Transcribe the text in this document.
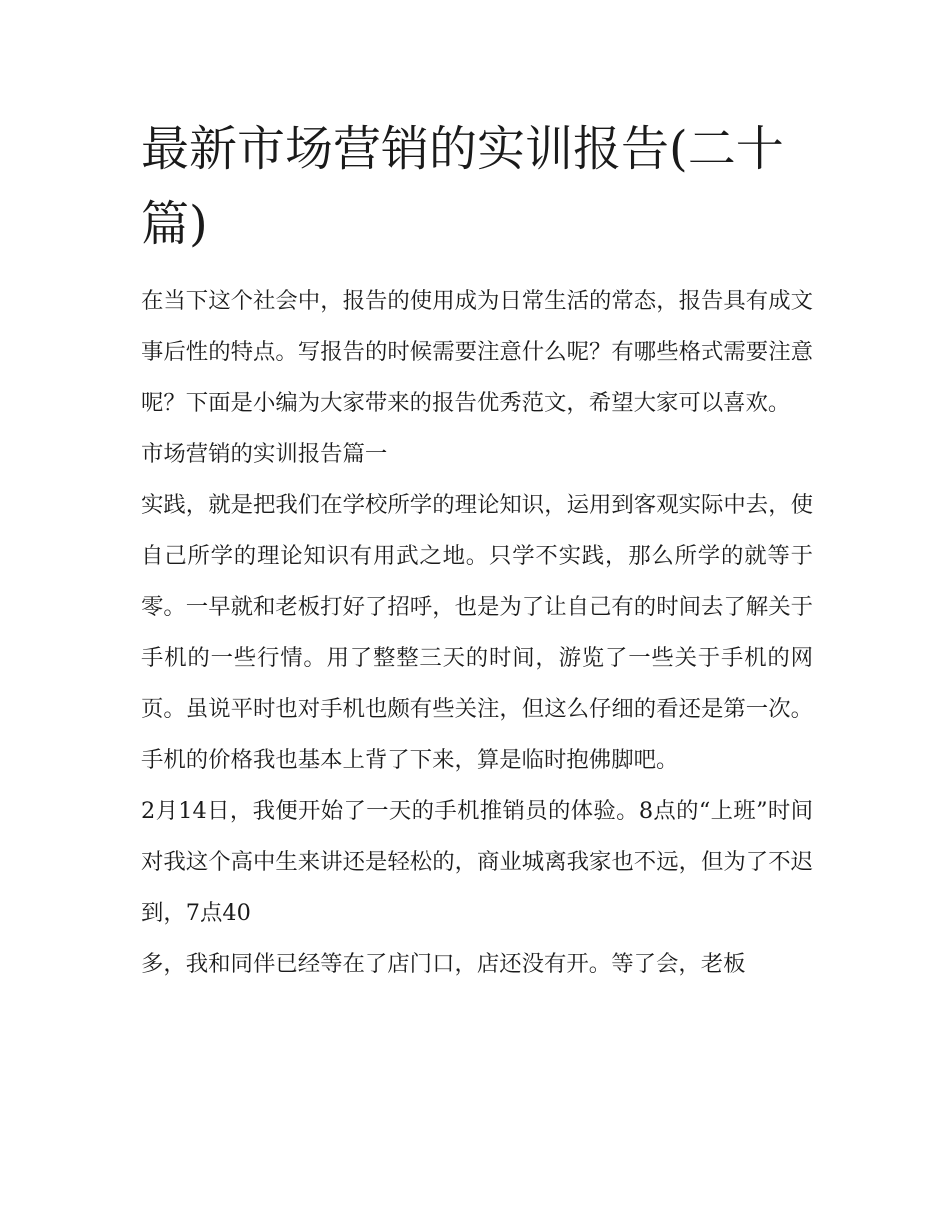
最新市场营销的实训报告(二十篇)

在当下这个社会中，报告的使用成为日常生活的常态，报告具有成文事后性的特点。写报告的时候需要注意什么呢？有哪些格式需要注意呢？下面是小编为大家带来的报告优秀范文，希望大家可以喜欢。

市场营销的实训报告篇一

实践，就是把我们在学校所学的理论知识，运用到客观实际中去，使自己所学的理论知识有用武之地。只学不实践，那么所学的就等于零。一早就和老板打好了招呼，也是为了让自己有的时间去了解关于手机的一些行情。用了整整三天的时间，游览了一些关于手机的网页。虽说平时也对手机也颇有些关注，但这么仔细的看还是第一次。手机的价格我也基本上背了下来，算是临时抱佛脚吧。

2月14日，我便开始了一天的手机推销员的体验。8点的“上班”时间对我这个高中生来讲还是轻松的，商业城离我家也不远，但为了不迟到，7点40

多，我和同伴已经等在了店门口，店还没有开。等了会，老板
